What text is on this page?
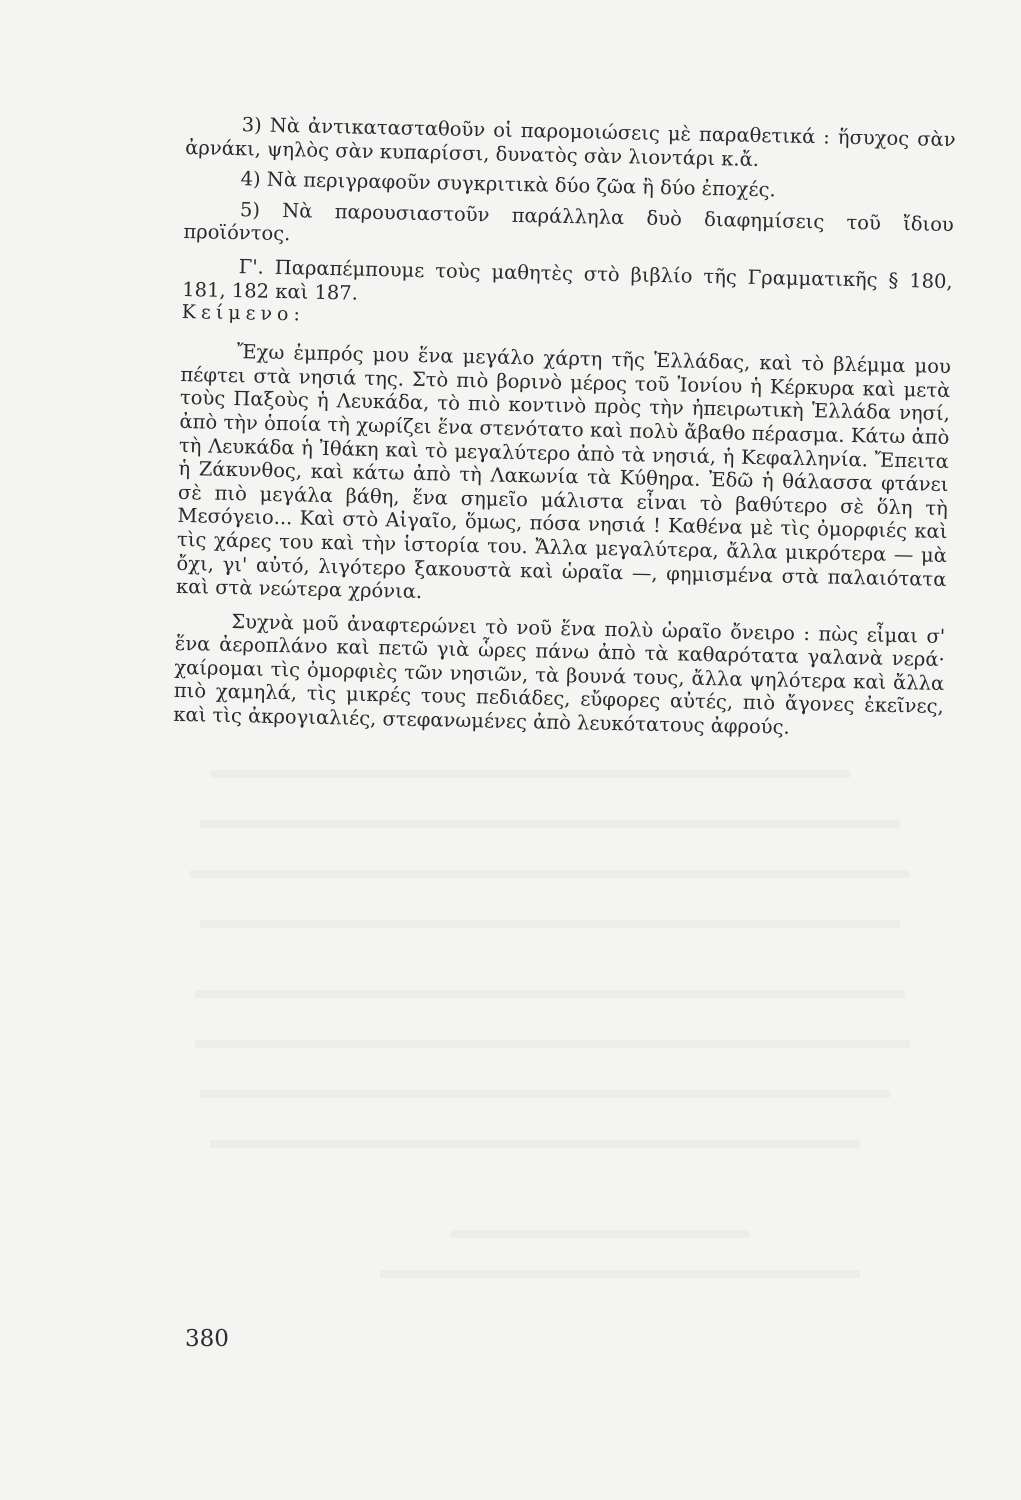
3) Νὰ ἀντικατασταθοῦν οἱ παρομοιώσεις μὲ παραθετικά : ἥσυχος σὰν ἀρνάκι, ψηλὸς σὰν κυπαρίσσι, δυνατὸς σὰν λιοντάρι κ.ἄ.

4) Νὰ περιγραφοῦν συγκριτικὰ δύο ζῶα ἢ δύο ἐποχές.

5) Νὰ παρουσιαστοῦν παράλληλα δυὸ διαφημίσεις τοῦ ἴδιου προϊόντος.

Γ'. Παραπέμπουμε τοὺς μαθητὲς στὸ βιβλίο τῆς Γραμματικῆς § 180, 181, 182 καὶ 187.

Κείμενο:

Ἔχω ἐμπρός μου ἕνα μεγάλο χάρτη τῆς Ἑλλάδας, καὶ τὸ βλέμμα μου πέφτει στὰ νησιά της. Στὸ πιὸ βορινὸ μέρος τοῦ Ἰονίου ἡ Κέρκυρα καὶ μετὰ τοὺς Παξοὺς ἡ Λευκάδα, τὸ πιὸ κοντινὸ πρὸς τὴν ἠπειρωτικὴ Ἑλλάδα νησί, ἀπὸ τὴν ὁποία τὴ χωρίζει ἕνα στενότατο καὶ πολὺ ἄβαθο πέρασμα. Κάτω ἀπὸ τὴ Λευκάδα ἡ Ἰθάκη καὶ τὸ μεγαλύτερο ἀπὸ τὰ νησιά, ἡ Κεφαλληνία. Ἔπειτα ἡ Ζάκυνθος, καὶ κάτω ἀπὸ τὴ Λακωνία τὰ Κύθηρα. Ἐδῶ ἡ θάλασσα φτάνει σὲ πιὸ μεγάλα βάθη, ἕνα σημεῖο μάλιστα εἶναι τὸ βαθύτερο σὲ ὅλη τὴ Μεσόγειο... Καὶ στὸ Αἰγαῖο, ὅμως, πόσα νησιά ! Καθένα μὲ τὶς ὀμορφιές καὶ τὶς χάρες του καὶ τὴν ἱστορία του. Ἄλλα μεγαλύτερα, ἄλλα μικρότερα — μὰ ὄχι, γι' αὐτό, λιγότερο ξακουστὰ καὶ ὡραῖα —, φημισμένα στὰ παλαιότατα καὶ στὰ νεώτερα χρόνια.

Συχνὰ μοῦ ἀναφτερώνει τὸ νοῦ ἕνα πολὺ ὡραῖο ὄνειρο : πὼς εἶμαι σ' ἕνα ἀεροπλάνο καὶ πετῶ γιὰ ὧρες πάνω ἀπὸ τὰ καθαρότατα γαλανὰ νερά· χαίρομαι τὶς ὀμορφιὲς τῶν νησιῶν, τὰ βουνά τους, ἄλλα ψηλότερα καὶ ἄλλα πιὸ χαμηλά, τὶς μικρές τους πεδιάδες, εὔφορες αὐτές, πιὸ ἄγονες ἐκεῖνες, καὶ τὶς ἀκρογιαλιές, στεφανωμένες ἀπὸ λευκότατους ἀφρούς.

380
